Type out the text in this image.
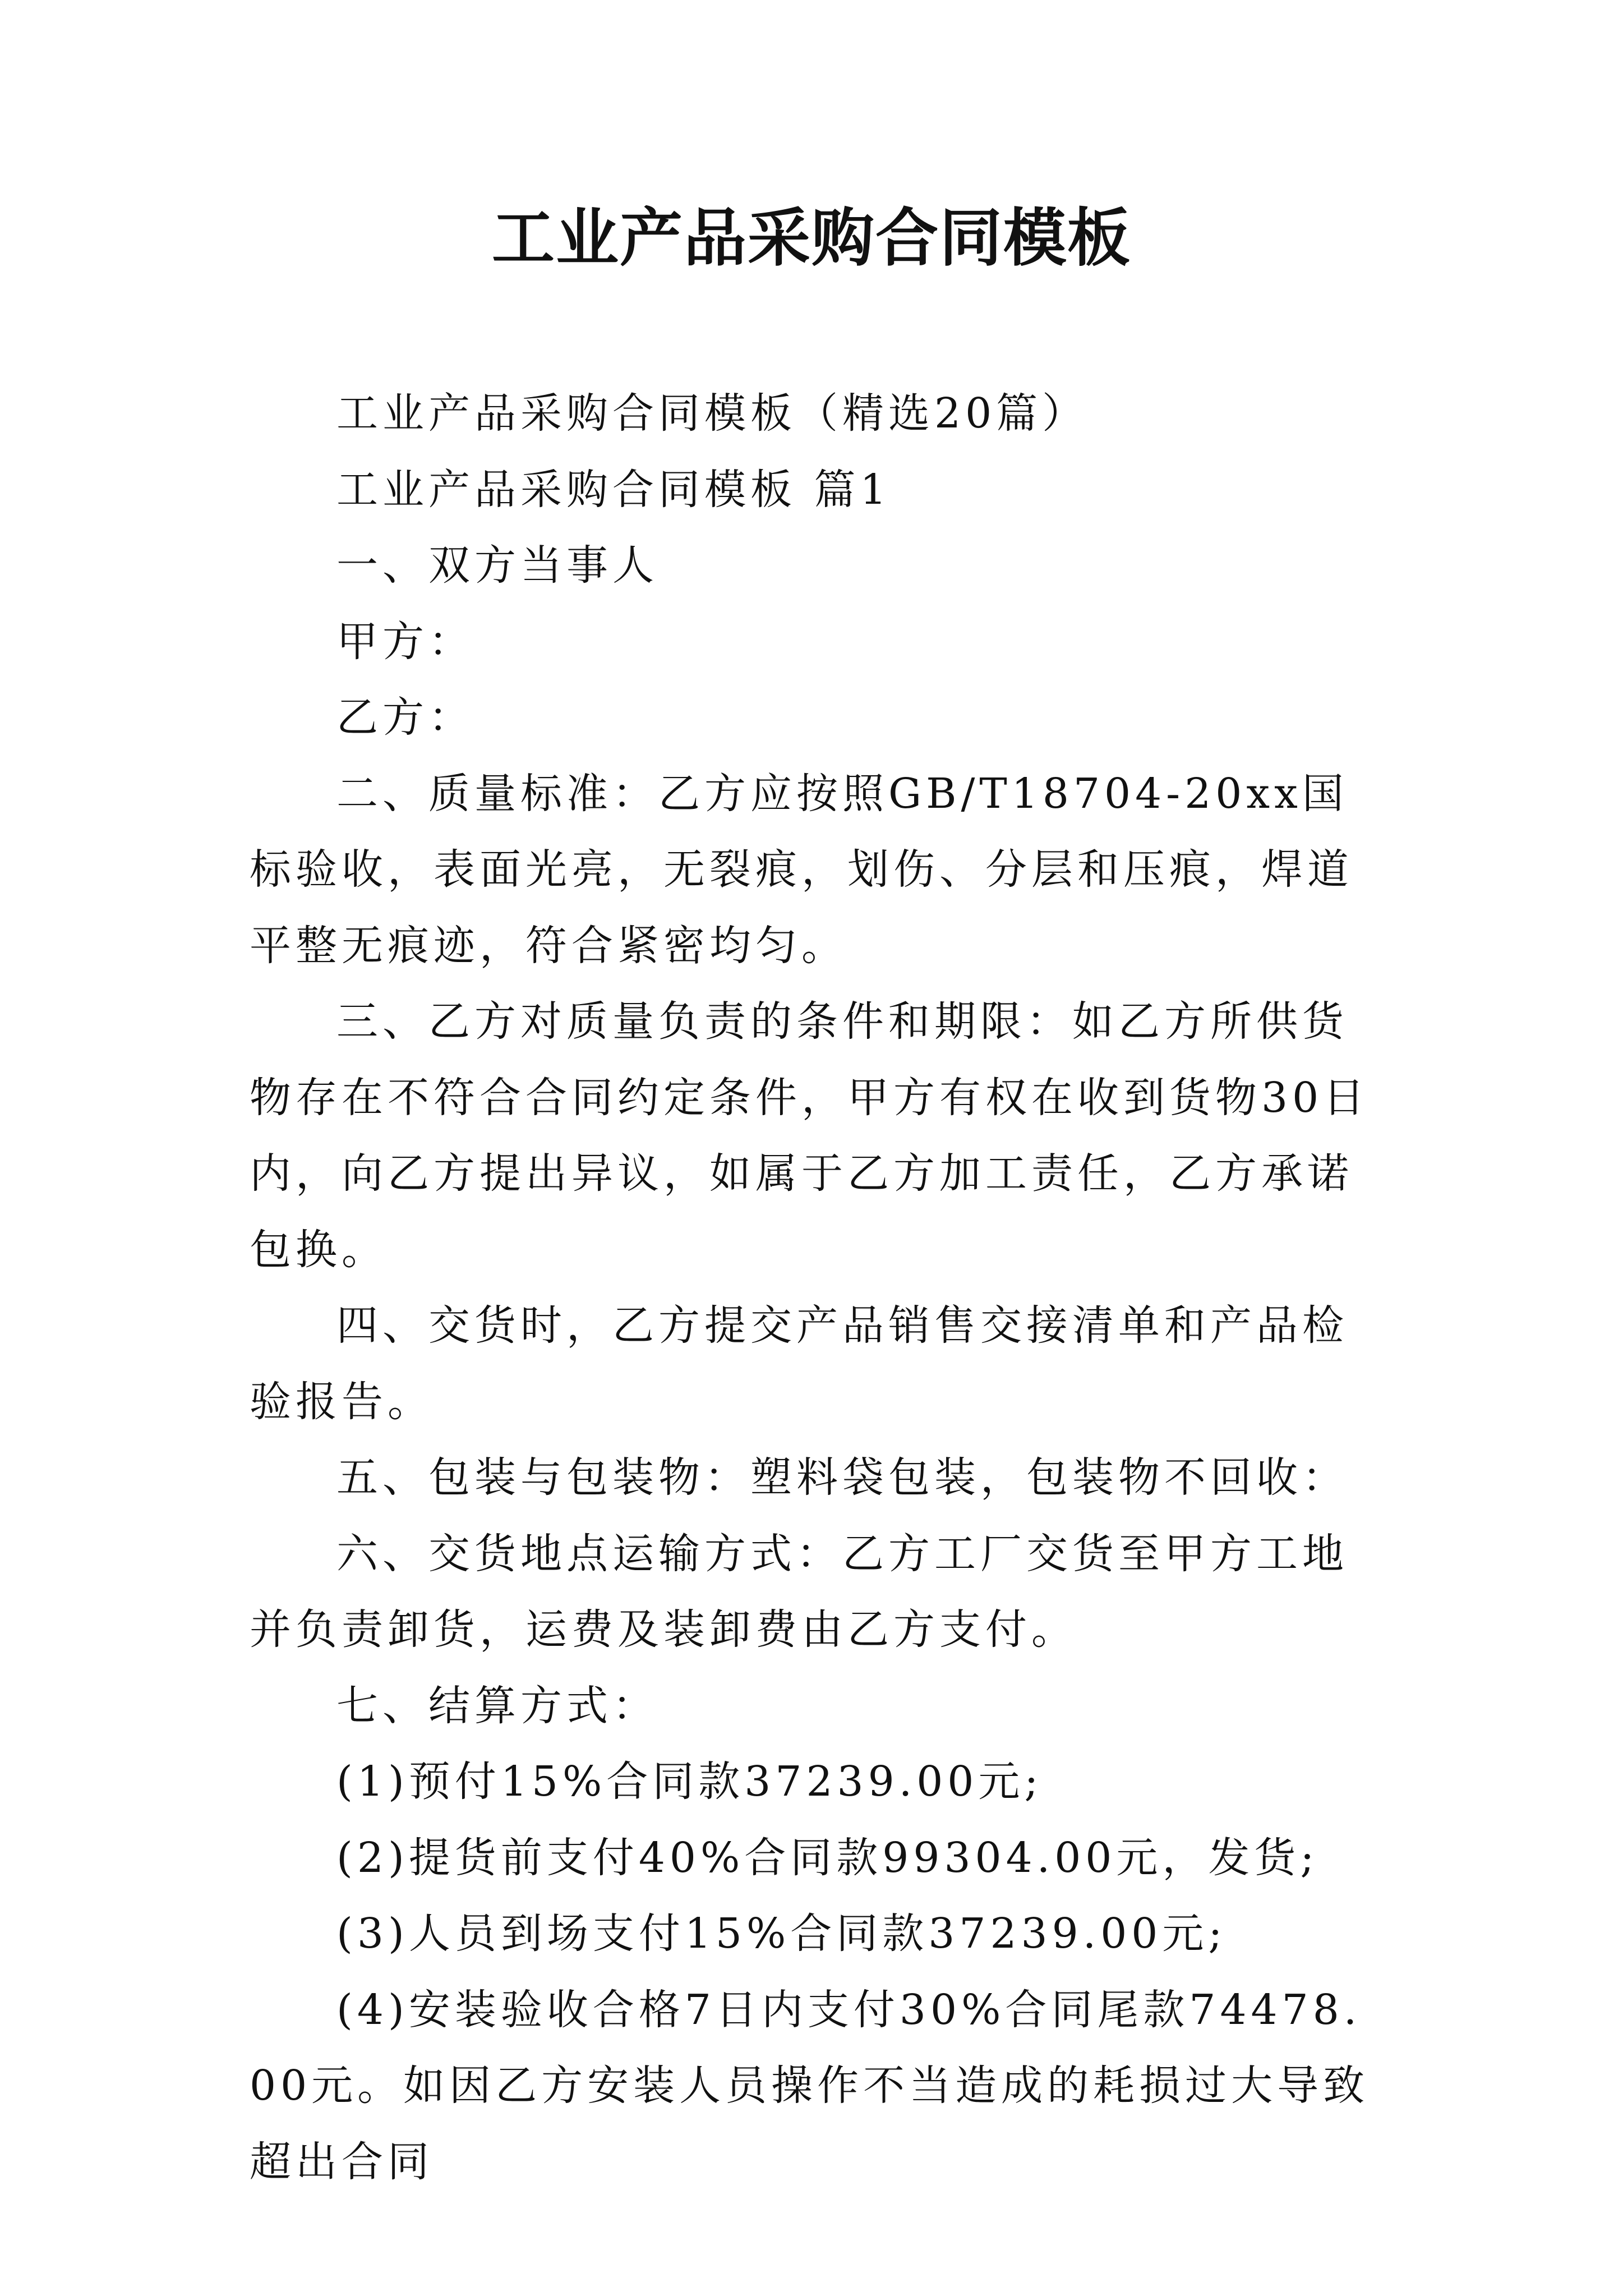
工业产品采购合同模板

工业产品采购合同模板（精选20篇）

工业产品采购合同模板 篇1

一、双方当事人

甲方：

乙方：

二、质量标准：乙方应按照GB/T18704-20xx国标验收，表面光亮，无裂痕，划伤、分层和压痕，焊道平整无痕迹，符合紧密均匀。

三、乙方对质量负责的条件和期限：如乙方所供货物存在不符合合同约定条件，甲方有权在收到货物30日内，向乙方提出异议，如属于乙方加工责任，乙方承诺包换。

四、交货时，乙方提交产品销售交接清单和产品检验报告。

五、包装与包装物：塑料袋包装，包装物不回收：

六、交货地点运输方式：乙方工厂交货至甲方工地并负责卸货，运费及装卸费由乙方支付。

七、结算方式：

(1)预付15%合同款37239.00元;

(2)提货前支付40%合同款99304.00元，发货;

(3)人员到场支付15%合同款37239.00元;

(4)安装验收合格7日内支付30%合同尾款74478.00元。如因乙方安装人员操作不当造成的耗损过大导致超出合同
